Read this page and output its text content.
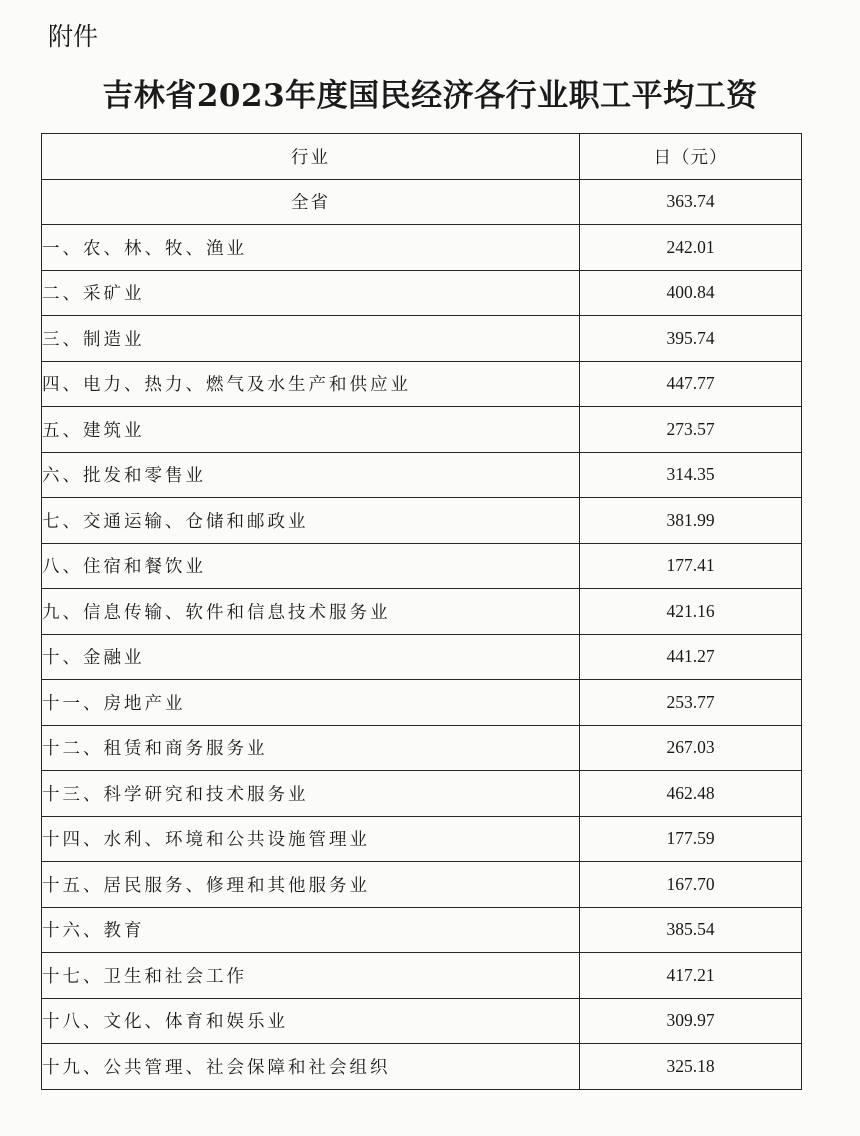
附件
吉林省2023年度国民经济各行业职工平均工资
行业	日（元）
全省	363.74
一、农、林、牧、渔业	242.01
二、采矿业	400.84
三、制造业	395.74
四、电力、热力、燃气及水生产和供应业	447.77
五、建筑业	273.57
六、批发和零售业	314.35
七、交通运输、仓储和邮政业	381.99
八、住宿和餐饮业	177.41
九、信息传输、软件和信息技术服务业	421.16
十、金融业	441.27
十一、房地产业	253.77
十二、租赁和商务服务业	267.03
十三、科学研究和技术服务业	462.48
十四、水利、环境和公共设施管理业	177.59
十五、居民服务、修理和其他服务业	167.70
十六、教育	385.54
十七、卫生和社会工作	417.21
十八、文化、体育和娱乐业	309.97
十九、公共管理、社会保障和社会组织	325.18
